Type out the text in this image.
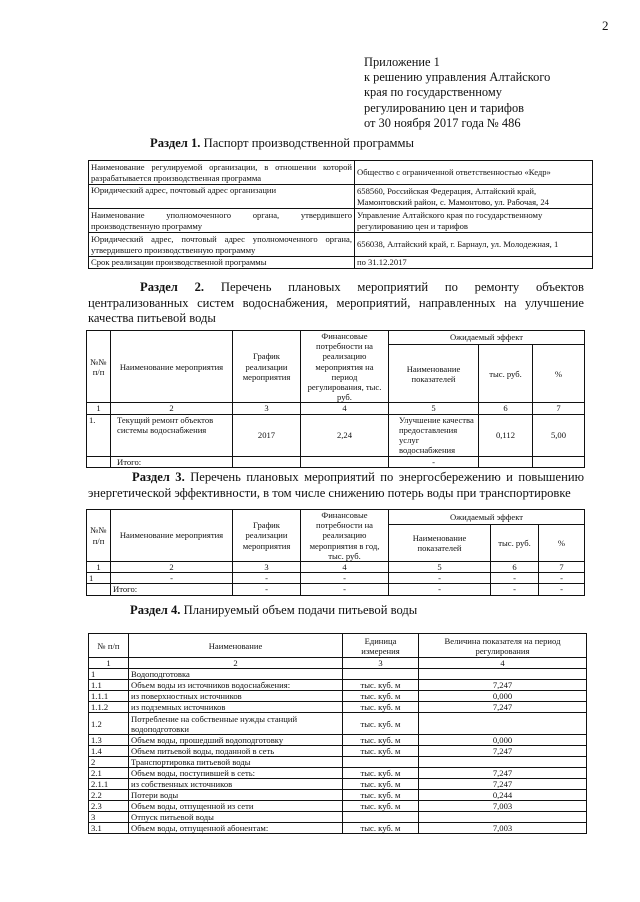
2
Приложение 1
к решению управления Алтайского
края по государственному
регулированию цен и тарифов
от 30 ноября 2017 года № 486
Раздел 1. Паспорт производственной программы
Наименование регулируемой организации, в отношении которой разрабатывается производственная программа	Общество с ограниченной ответственностью «Кедр»
Юридический адрес, почтовый адрес организации	658560, Российская Федерация, Алтайский край, Мамонтовский район, с. Мамонтово, ул. Рабочая, 24
Наименование уполномоченного органа, утвердившего производственную программу	Управление Алтайского края по государственному регулированию цен и тарифов
Юридический адрес, почтовый адрес уполномоченного органа, утвердившего производственную программу	656038, Алтайский край, г. Барнаул, ул. Молодежная, 1
Срок реализации производственной программы	по 31.12.2017
Раздел 2. Перечень плановых мероприятий по ремонту объектов централизованных систем водоснабжения, мероприятий, направленных на улучшение качества питьевой воды
№№ п/п	Наименование мероприятия	График реализации мероприятия	Финансовые потребности на реализацию мероприятия на период регулирования, тыс. руб.	Ожидаемый эффект		
				Наименование показателей	тыс. руб.	%
1	2	3	4	5	6	7
1.	Текущий ремонт объектов системы водоснабжения	2017	2,24	Улучшение качества предоставления услуг водоснабжения	0,112	5,00
	Итого:			-		
Раздел 3. Перечень плановых мероприятий по энергосбережению и повышению энергетической эффективности, в том числе снижению потерь воды при транспортировке
№№ п/п	Наименование мероприятия	График реализации мероприятия	Финансовые потребности на реализацию мероприятия в год, тыс. руб.	Ожидаемый эффект		
				Наименование показателей	тыс. руб.	%
1	2	3	4	5	6	7
1	-	-	-	-	-	-
	Итого:	-	-	-	-	-
Раздел 4. Планируемый объем подачи питьевой воды
№ п/п	Наименование	Единица измерения	Величина показателя на период регулирования
1	2	3	4
1	Водоподготовка		
1.1	Объем воды из источников водоснабжения:	тыс. куб. м	7,247
1.1.1	из поверхностных источников	тыс. куб. м	0,000
1.1.2	из подземных источников	тыс. куб. м	7,247
1.2	Потребление на собственные нужды станций водоподготовки	тыс. куб. м	
1.3	Объем воды, прошедший водоподготовку	тыс. куб. м	0,000
1.4	Объем питьевой воды, поданной в сеть	тыс. куб. м	7,247
2	Транспортировка питьевой воды		
2.1	Объем воды, поступившей в сеть:	тыс. куб. м	7,247
2.1.1	из собственных источников	тыс. куб. м	7,247
2.2	Потери воды	тыс. куб. м	0,244
2.3	Объем воды, отпущенной из сети	тыс. куб. м	7,003
3	Отпуск питьевой воды		
3.1	Объем воды, отпущенной абонентам:	тыс. куб. м	7,003
